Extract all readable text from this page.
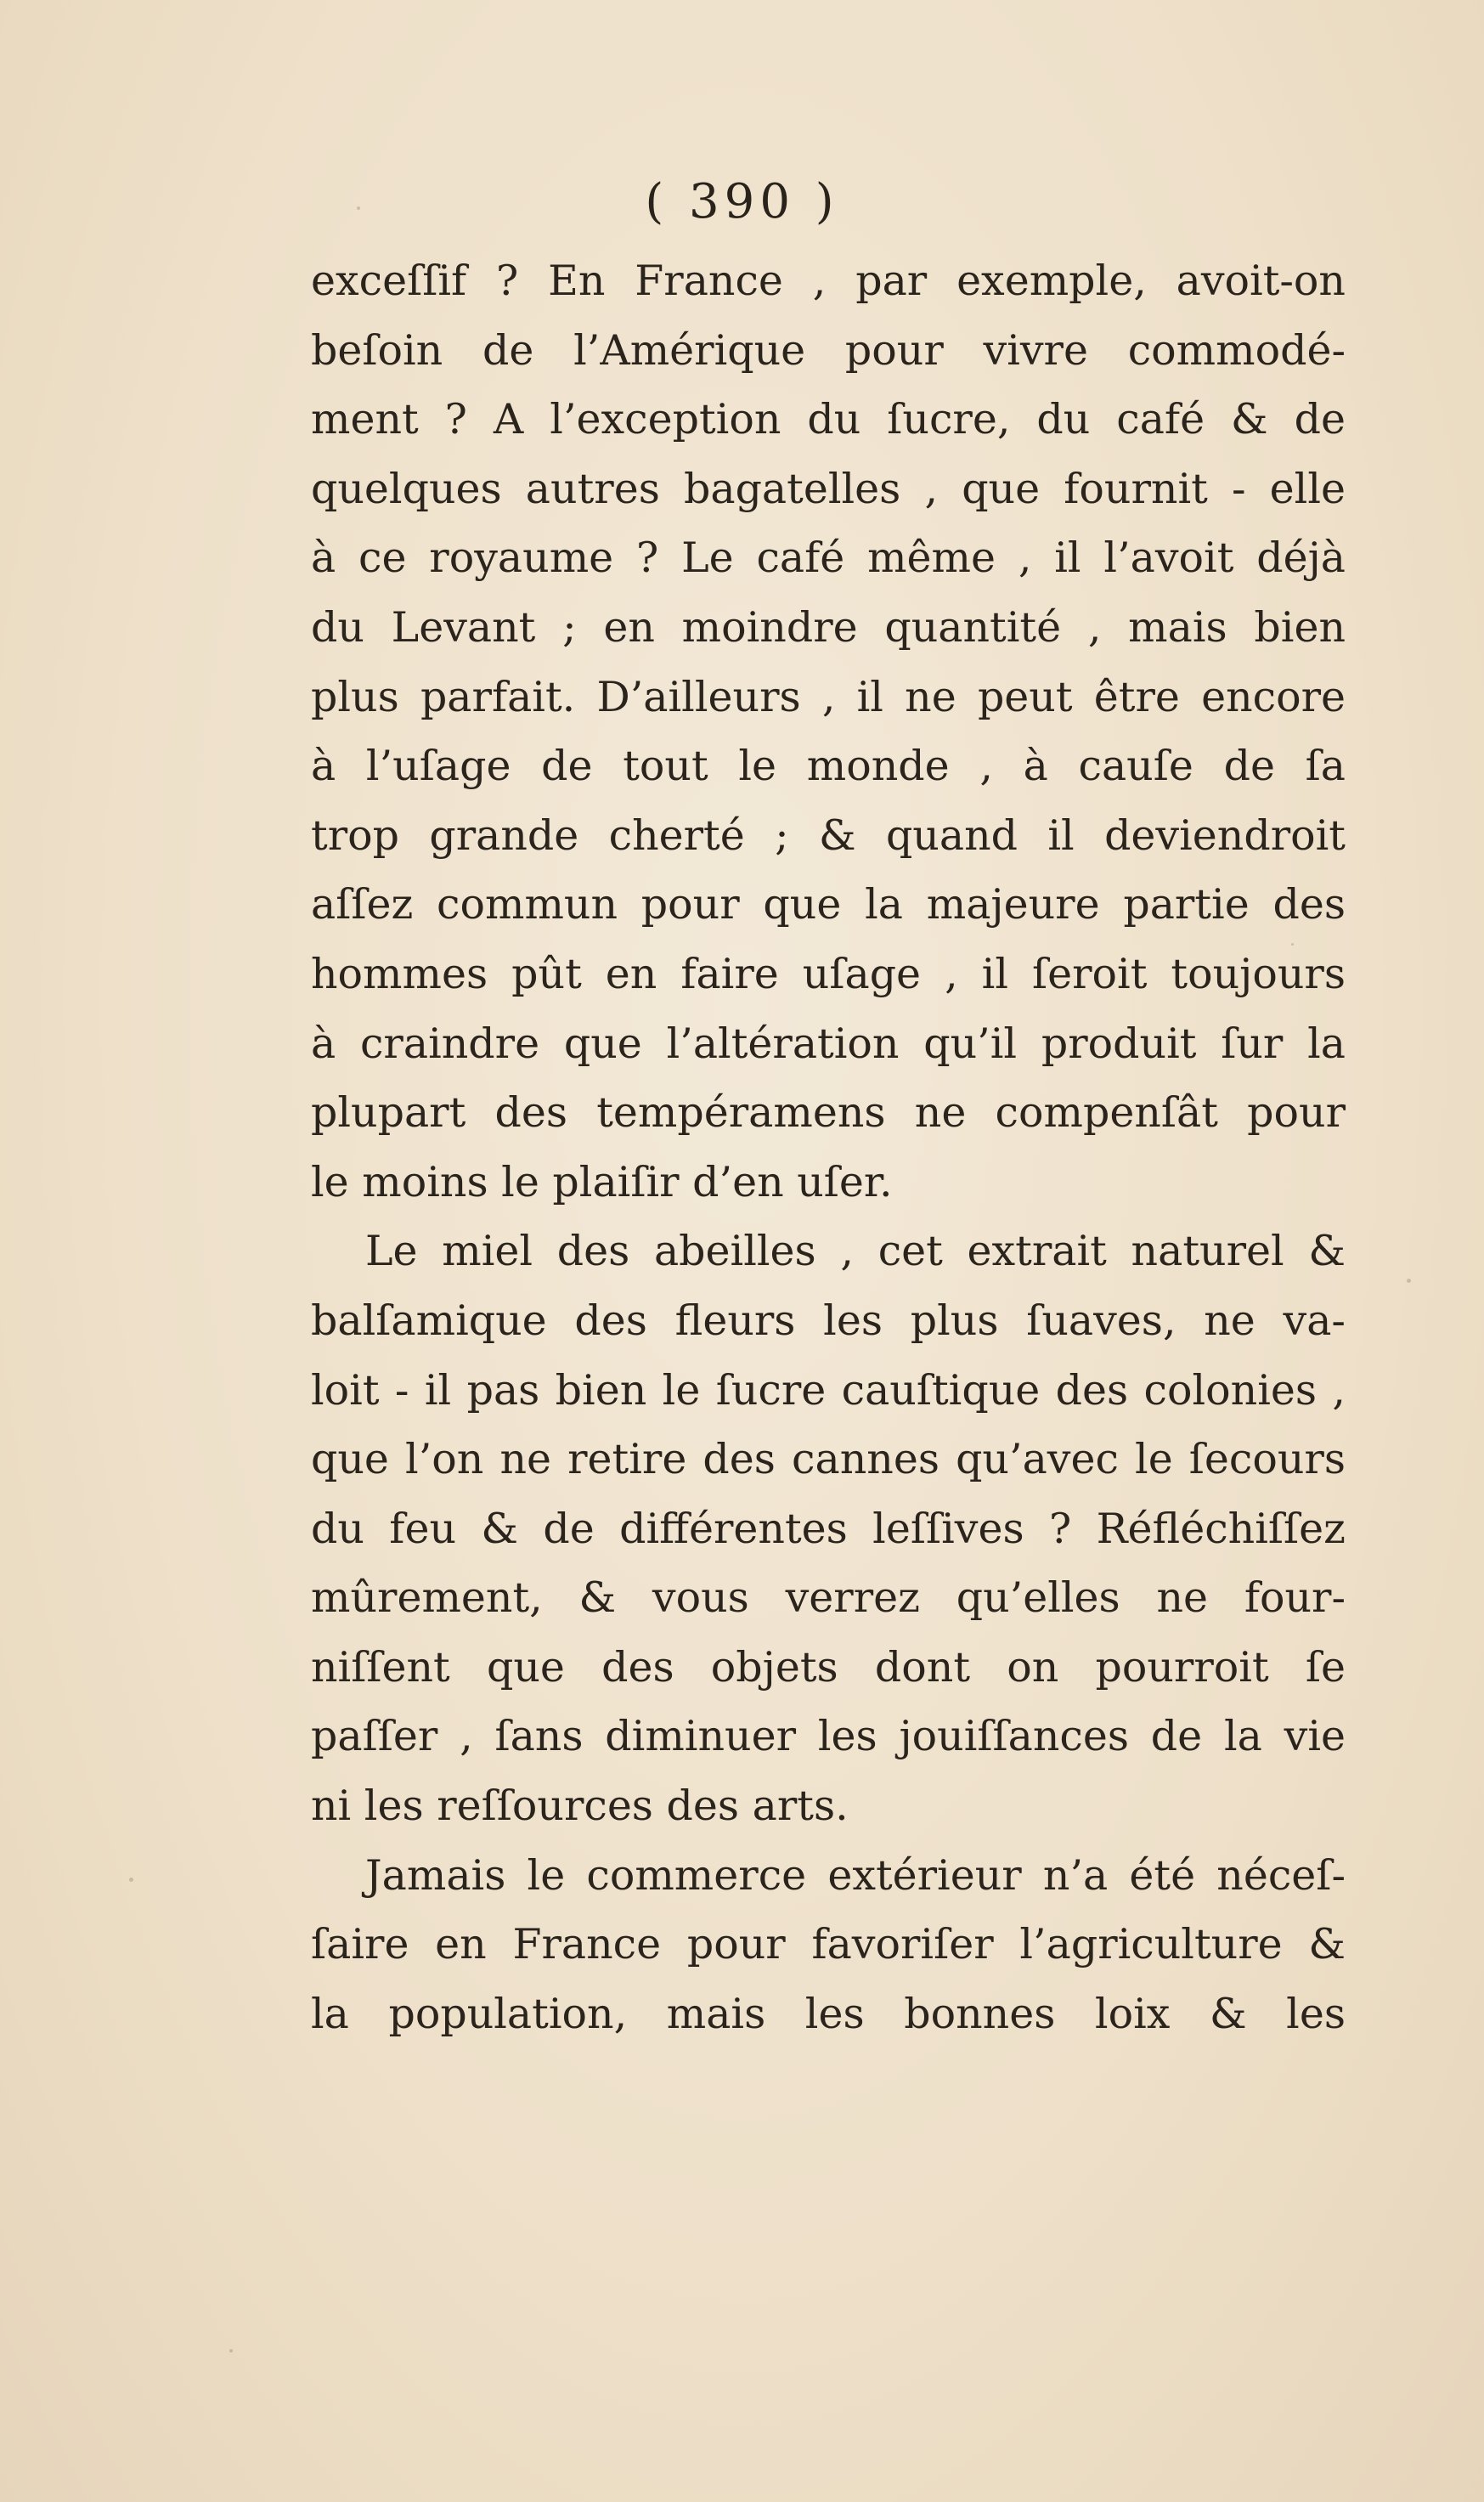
( 390 )
exceſſif ? En France , par exemple, avoit-on
beſoin de l’Amérique pour vivre commodé-
ment ? A l’exception du ſucre, du café & de
quelques autres bagatelles , que fournit - elle
à ce royaume ? Le café même , il l’avoit déjà
du Levant ; en moindre quantité , mais bien
plus parfait. D’ailleurs , il ne peut être encore
à l’uſage de tout le monde , à cauſe de ſa
trop grande cherté ; & quand il deviendroit
aſſez commun pour que la majeure partie des
hommes pût en faire uſage , il ſeroit toujours
à craindre que l’altération qu’il produit ſur la
plupart des tempéramens ne compenſât pour
le moins le plaiſir d’en uſer.
Le miel des abeilles , cet extrait naturel &
balſamique des fleurs les plus ſuaves, ne va-
loit - il pas bien le ſucre cauſtique des colonies ,
que l’on ne retire des cannes qu’avec le ſecours
du feu & de différentes leſſives ? Réfléchiſſez
mûrement, & vous verrez qu’elles ne four-
niſſent que des objets dont on pourroit ſe
paſſer , ſans diminuer les jouiſſances de la vie
ni les reſſources des arts.
Jamais le commerce extérieur n’a été néceſ-
ſaire en France pour favoriſer l’agriculture &
la population, mais les bonnes loix & les
